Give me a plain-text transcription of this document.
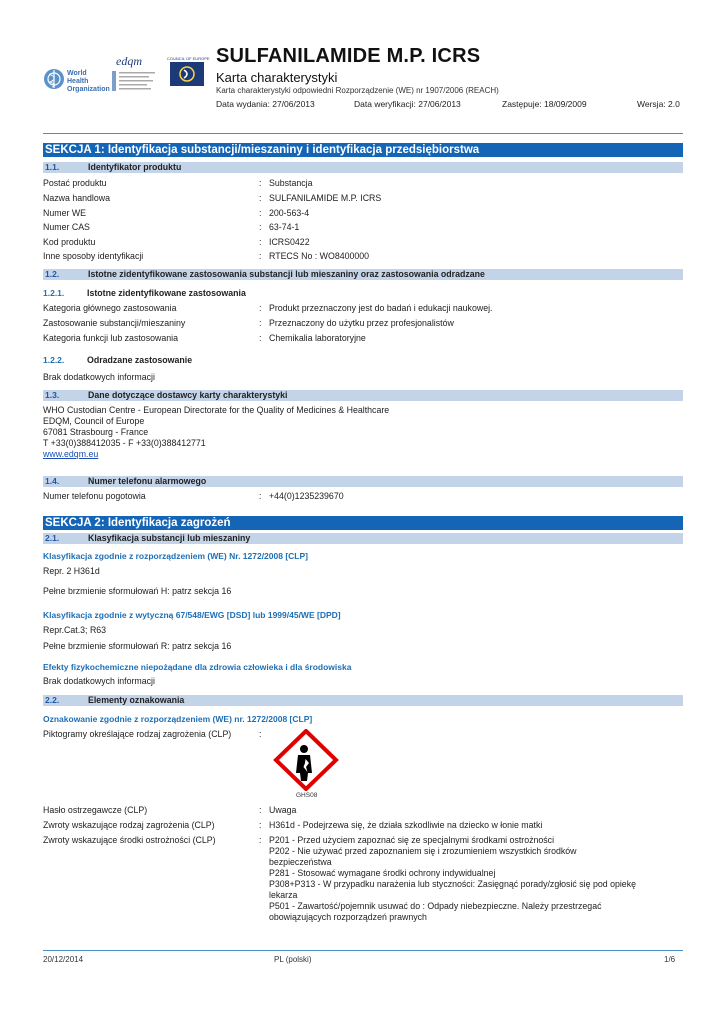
World Health Organization
edqm	COUNCIL OF EUROPE SULFANILAMIDE M.P. ICRS
Karta charakterystyki
Karta charakterystyki odpowiedni Rozporządzenie (WE) nr 1907/2006 (REACH)
Data wydania: 27/06/2013	Data weryfikacji: 27/06/2013	Zastępuje: 18/09/2009	Wersja: 2.0
SEKCJA 1: Identyfikacja substancji/mieszaniny i identyfikacja przedsiębiorstwa
1.1.	Identyfikator produktu
Postać produktu	: Substancja
Nazwa handlowa	: SULFANILAMIDE M.P. ICRS
Numer WE	: 200-563-4
Numer CAS	: 63-74-1
Kod produktu	: ICRS0422
Inne sposoby identyfikacji	: RTECS No : WO8400000
1.2.	Istotne zidentyfikowane zastosowania substancji lub mieszaniny oraz zastosowania odradzane
1.2.1.	Istotne zidentyfikowane zastosowania
Kategoria głównego zastosowania	: Produkt przeznaczony jest do badań i edukacji naukowej.
Zastosowanie substancji/mieszaniny	: Przeznaczony do użytku przez profesjonalistów
Kategoria funkcji lub zastosowania	: Chemikalia laboratoryjne
1.2.2.	Odradzane zastosowanie
Brak dodatkowych informacji
1.3.	Dane dotyczące dostawcy karty charakterystyki
WHO Custodian Centre - European Directorate for the Quality of Medicines & Healthcare
EDQM, Council of Europe
67081 Strasbourg - France
T +33(0)388412035 - F +33(0)388412771
www.edqm.eu
1.4.	Numer telefonu alarmowego
Numer telefonu pogotowia	: +44(0)1235239670
SEKCJA 2: Identyfikacja zagrożeń
2.1.	Klasyfikacja substancji lub mieszaniny
Klasyfikacja zgodnie z rozporządzeniem (WE) Nr. 1272/2008 [CLP]
Repr. 2 H361d
Pełne brzmienie sformułowań H: patrz sekcja 16
Klasyfikacja zgodnie z wytyczną 67/548/EWG [DSD] lub 1999/45/WE [DPD]
Repr.Cat.3; R63
Pełne brzmienie sformułowań R: patrz sekcja 16
Efekty fizykochemiczne niepożądane dla zdrowia człowieka i dla środowiska
Brak dodatkowych informacji
2.2.	Elementy oznakowania
Oznakowanie zgodnie z rozporządzeniem (WE) nr. 1272/2008 [CLP]
Piktogramy określające rodzaj zagrożenia (CLP)	:
GHS08
Hasło ostrzegawcze (CLP)	: Uwaga
Zwroty wskazujące rodzaj zagrożenia (CLP)	: H361d - Podejrzewa się, że działa szkodliwie na dziecko w łonie matki
Zwroty wskazujące środki ostrożności (CLP)	: P201 - Przed użyciem zapoznać się ze specjalnymi środkami ostrożności
P202 - Nie używać przed zapoznaniem się i zrozumieniem wszystkich środków
bezpieczeństwa
P281 - Stosować wymagane środki ochrony indywidualnej
P308+P313 - W przypadku narażenia lub styczności: Zasięgnąć porady/zgłosić się pod opiekę
lekarza
P501 - Zawartość/pojemnik usuwać do : Odpady niebezpieczne. Należy przestrzegać
obowiązujących rozporządzeń prawnych
20/12/2014	PL (polski)	1/6
